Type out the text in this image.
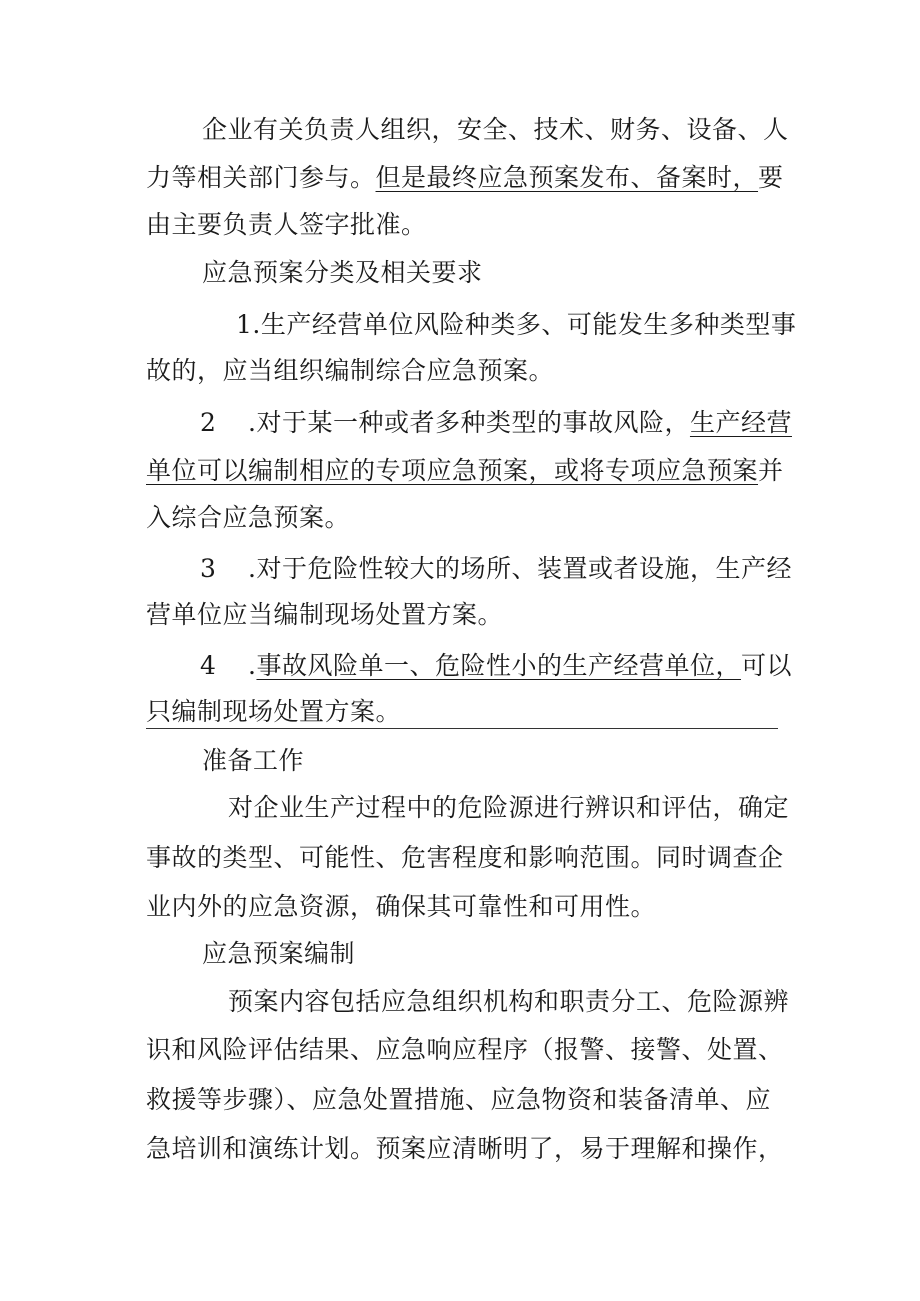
企业有关负责人组织，安全、技术、财务、设备、人
力等相关部门参与。但是最终应急预案发布、备案时，要
由主要负责人签字批准。
应急预案分类及相关要求
1.生产经营单位风险种类多、可能发生多种类型事
故的，应当组织编制综合应急预案。
2 .对于某一种或者多种类型的事故风险，生产经营
单位可以编制相应的专项应急预案，或将专项应急预案并
入综合应急预案。
3 .对于危险性较大的场所、装置或者设施，生产经
营单位应当编制现场处置方案。
4 .事故风险单一、危险性小的生产经营单位，可以
只编制现场处置方案。
准备工作
对企业生产过程中的危险源进行辨识和评估，确定
事故的类型、可能性、危害程度和影响范围。同时调查企
业内外的应急资源，确保其可靠性和可用性。
应急预案编制
预案内容包括应急组织机构和职责分工、危险源辨
识和风险评估结果、应急响应程序（报警、接警、处置、
救援等步骤）、应急处置措施、应急物资和装备清单、应
急培训和演练计划。预案应清晰明了，易于理解和操作，
